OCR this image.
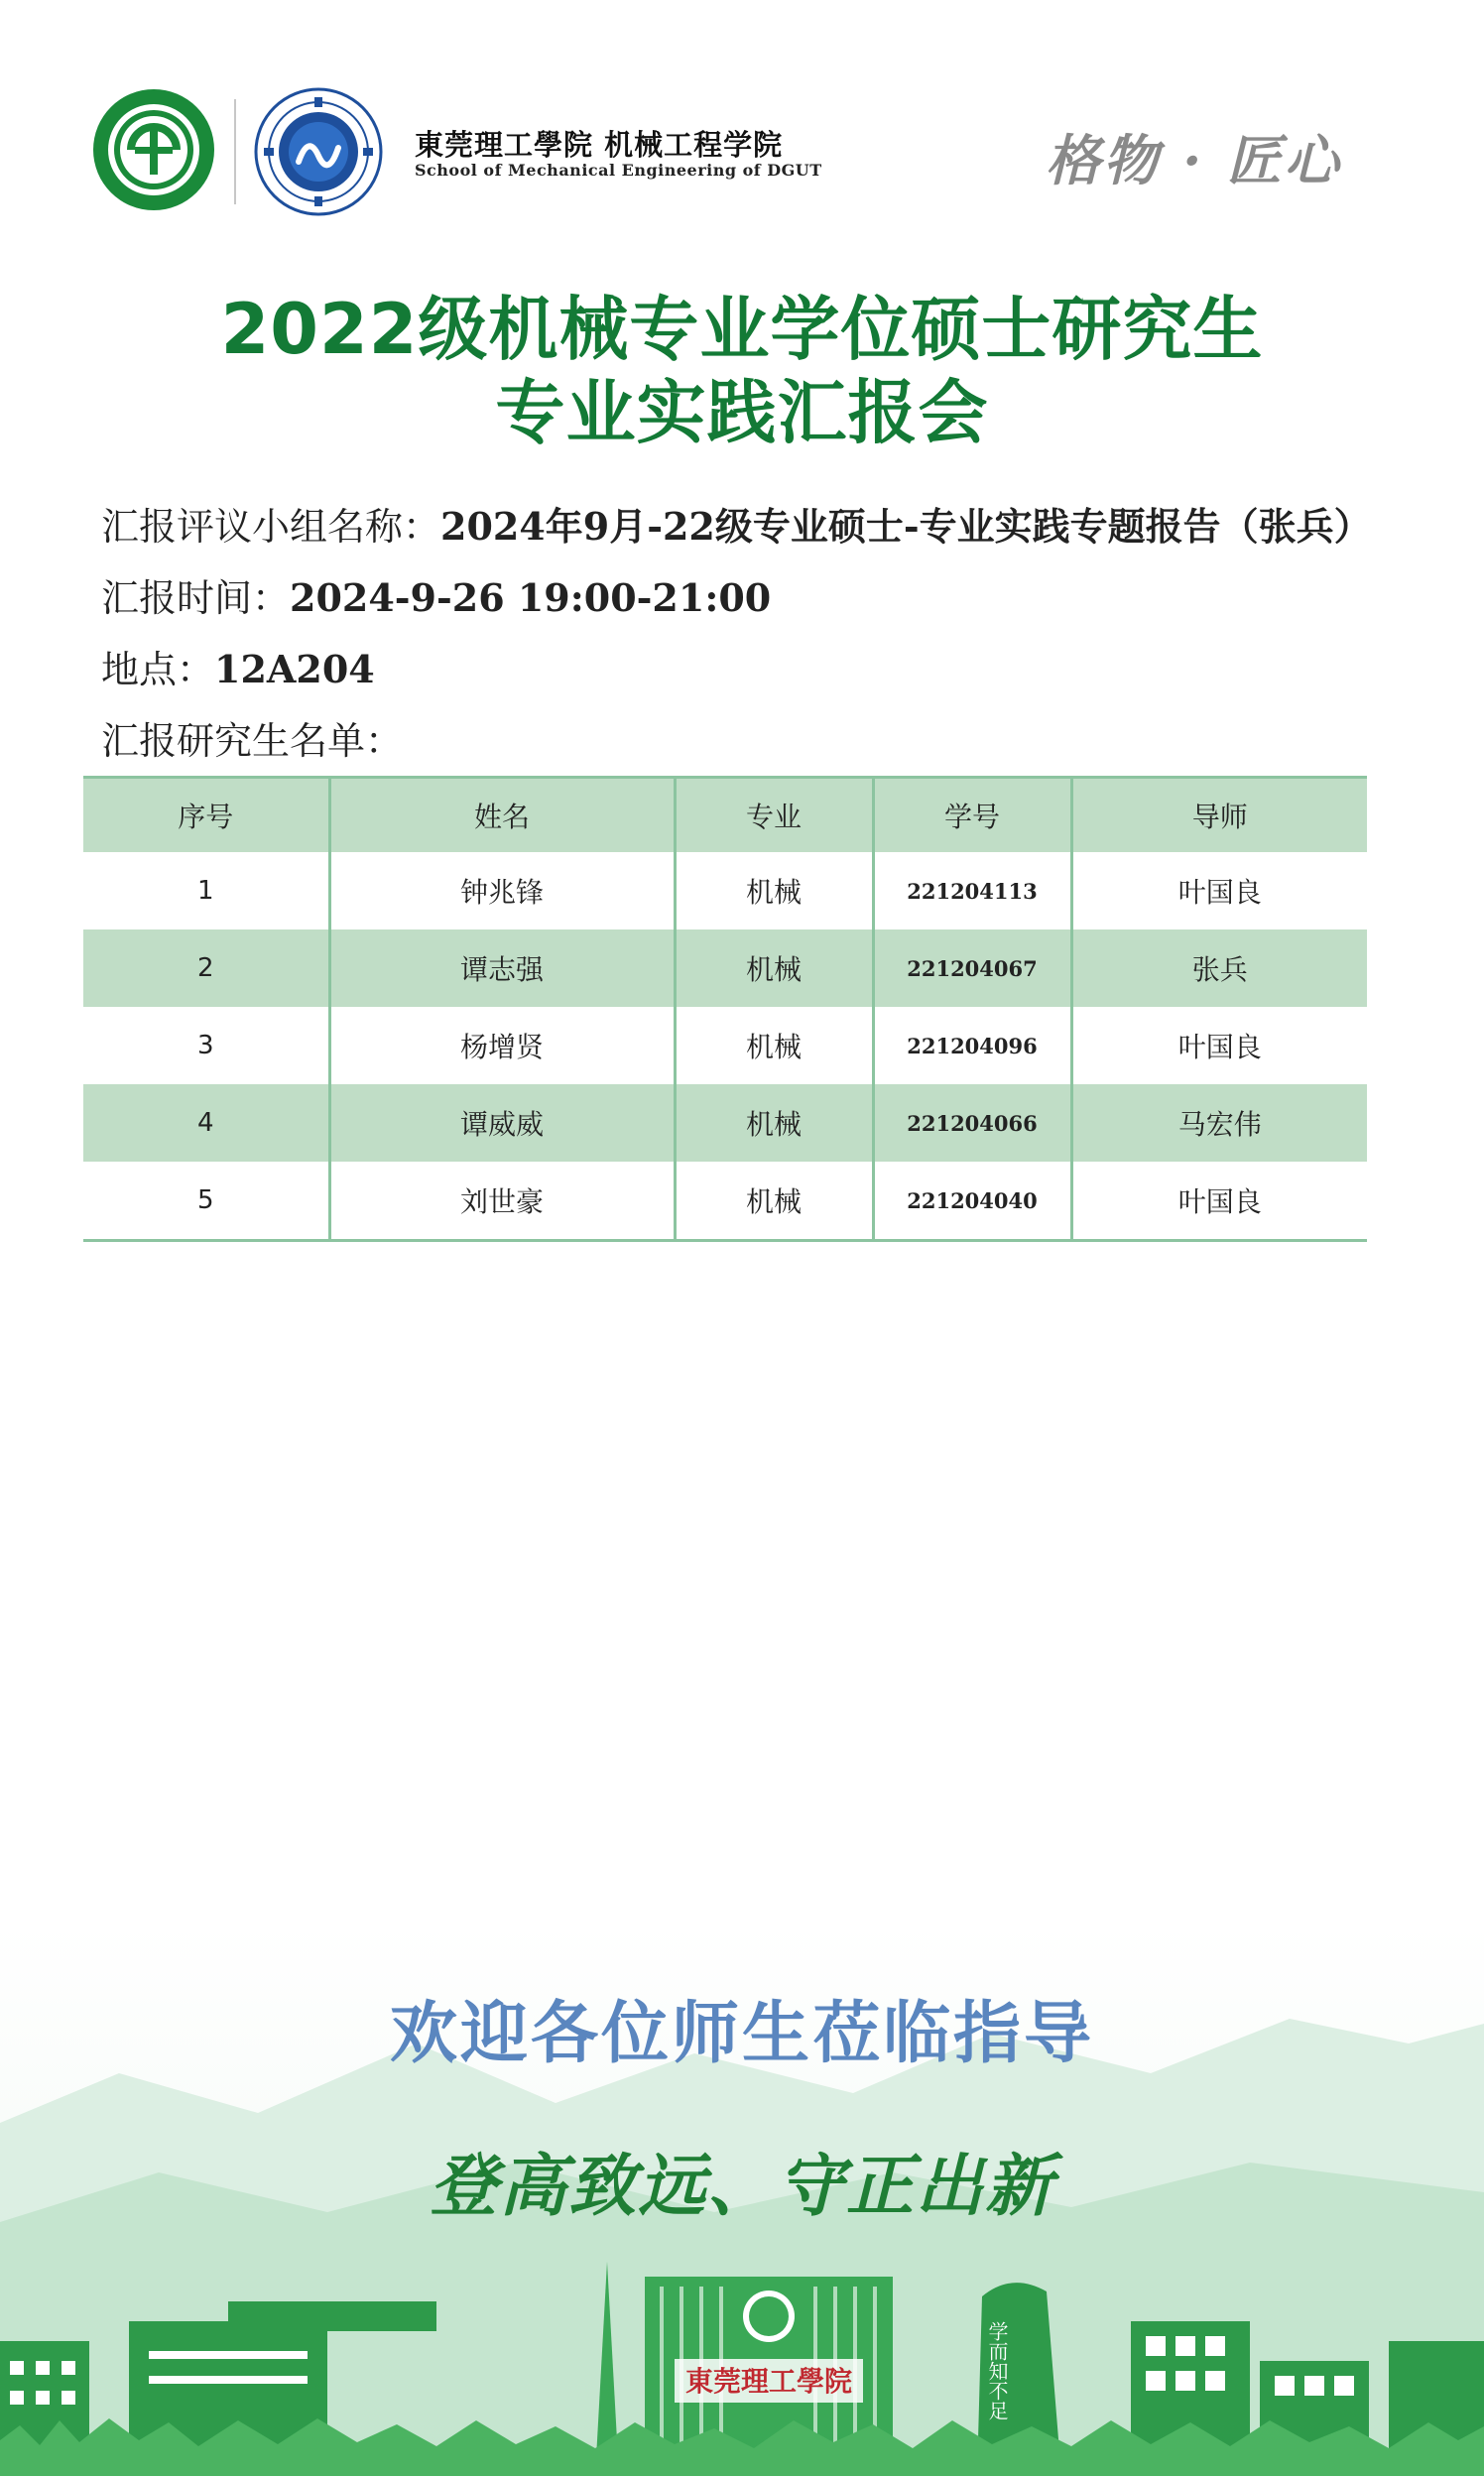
東莞理工學院 机械工程学院
School of Mechanical Engineering of DGUT	格物 · 匠心
2022级机械专业学位硕士研究生
专业实践汇报会
汇报评议小组名称：2024年9月-22级专业硕士-专业实践专题报告（张兵）
汇报时间：2024-9-26 19:00-21:00
地点：12A204
汇报研究生名单：
序号	姓名	专业	学号	导师
1	钟兆锋	机械	221204113	叶国良
2	谭志强	机械	221204067	张兵
3	杨增贤	机械	221204096	叶国良
4	谭威威	机械	221204066	马宏伟
5	刘世豪	机械	221204040	叶国良
東莞理工學院	学而知不足
欢迎各位师生莅临指导
登高致远、守正出新
